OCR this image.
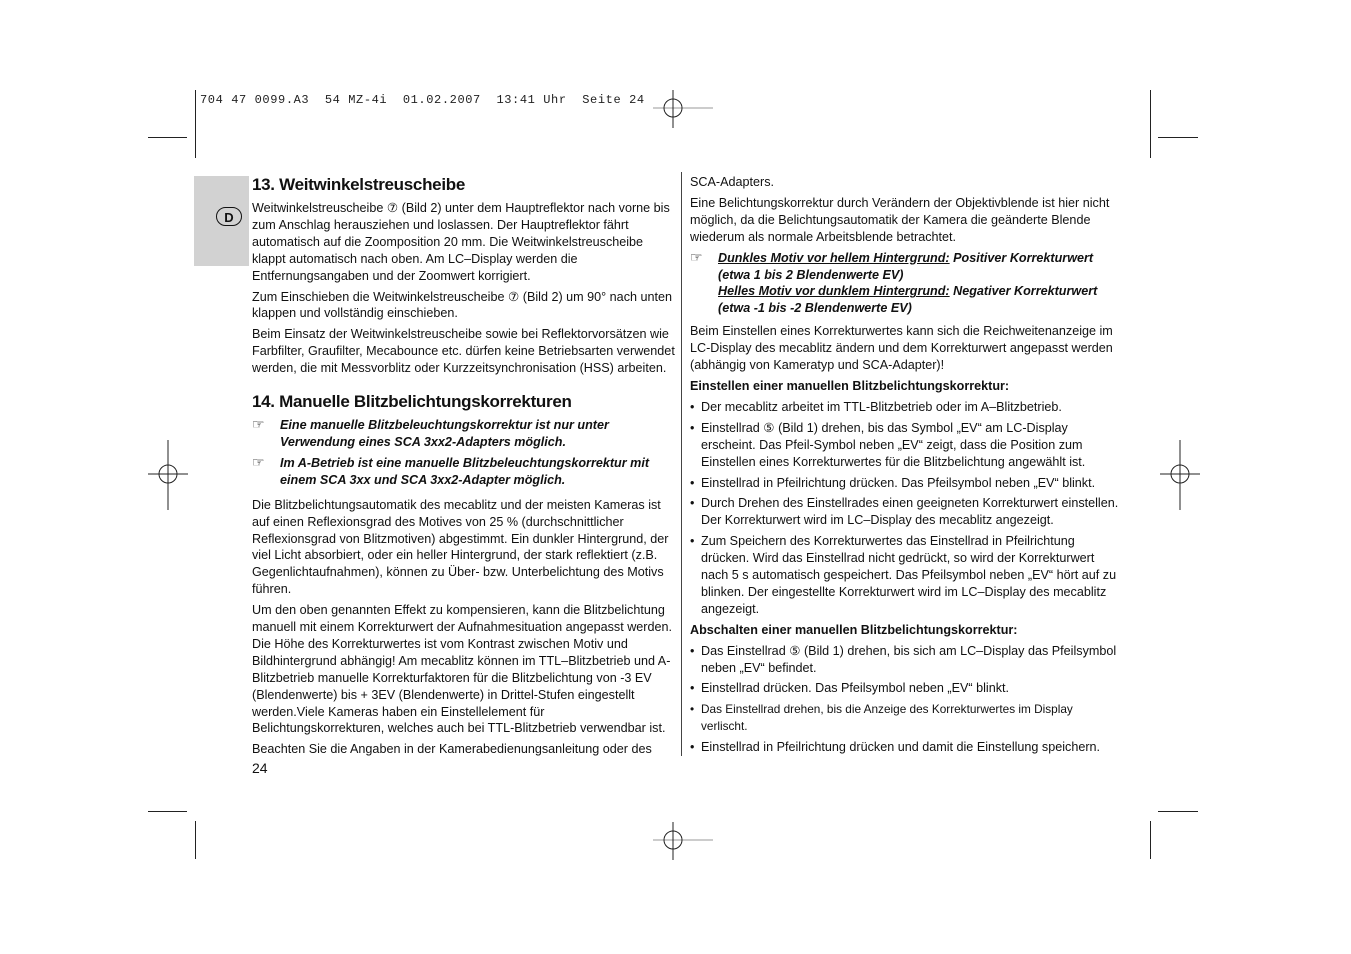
704 47 0099.A3  54 MZ-4i  01.02.2007  13:41 Uhr  Seite 24
D
13. Weitwinkelstreuscheibe

Weitwinkelstreuscheibe ⑦ (Bild 2) unter dem Hauptreflektor nach vorne bis zum Anschlag herausziehen und loslassen. Der Hauptreflektor fährt automatisch auf die Zoomposition 20 mm. Die Weitwinkelstreuscheibe klappt automatisch nach oben. Am LC–Display werden die Entfernungsangaben und der Zoomwert korrigiert.

Zum Einschieben die Weitwinkelstreuscheibe ⑦ (Bild 2) um 90° nach unten klappen und vollständig einschieben.

Beim Einsatz der Weitwinkelstreuscheibe sowie bei Reflektorvorsätzen wie Farbfilter, Graufilter, Mecabounce etc. dürfen keine Betriebsarten verwendet werden, die mit Messvorblitz oder Kurzzeitsynchronisation (HSS) arbeiten.

14. Manuelle Blitzbelichtungskorrekturen
☞ Eine manuelle Blitzbeleuchtungskorrektur ist nur unter Verwendung eines SCA 3xx2-Adapters möglich.
☞ Im A-Betrieb ist eine manuelle Blitzbeleuchtungskorrektur mit einem SCA 3xx und SCA 3xx2-Adapter möglich.

Die Blitzbelichtungsautomatik des mecablitz und der meisten Kameras ist auf einen Reflexionsgrad des Motives von 25 % (durchschnittlicher Reflexionsgrad von Blitzmotiven) abgestimmt. Ein dunkler Hintergrund, der viel Licht absorbiert, oder ein heller Hintergrund, der stark reflektiert (z.B. Gegenlichtaufnahmen), können zu Über- bzw. Unterbelichtung des Motivs führen.

Um den oben genannten Effekt zu kompensieren, kann die Blitzbelichtung manuell mit einem Korrekturwert der Aufnahmesituation angepasst werden. Die Höhe des Korrekturwertes ist vom Kontrast zwischen Motiv und Bildhintergrund abhängig! Am mecablitz können im TTL–Blitzbetrieb und A-Blitzbetrieb manuelle Korrekturfaktoren für die Blitzbelichtung von -3 EV (Blendenwerte) bis + 3EV (Blendenwerte) in Drittel-Stufen eingestellt werden.Viele Kameras haben ein Einstellelement für Belichtungskorrekturen, welches auch bei TTL-Blitzbetrieb verwendbar ist.

Beachten Sie die Angaben in der Kamerabedienungsanleitung oder des

SCA-Adapters.

Eine Belichtungskorrektur durch Verändern der Objektivblende ist hier nicht möglich, da die Belichtungsautomatik der Kamera die geänderte Blende wiederum als normale Arbeitsblende betrachtet.

☞ Dunkles Motiv vor hellem Hintergrund: Positiver Korrekturwert (etwa 1 bis 2 Blendenwerte EV)
Helles Motiv vor dunklem Hintergrund: Negativer Korrekturwert (etwa -1 bis -2 Blendenwerte EV)

Beim Einstellen eines Korrekturwertes kann sich die Reichweitenanzeige im LC-Display des mecablitz ändern und dem Korrekturwert angepasst werden (abhängig von Kameratyp und SCA-Adapter)!

Einstellen einer manuellen Blitzbelichtungskorrektur:
• Der mecablitz arbeitet im TTL-Blitzbetrieb oder im A–Blitzbetrieb.
• Einstellrad ⑤ (Bild 1) drehen, bis das Symbol „EV“ am LC-Display erscheint. Das Pfeil-Symbol neben „EV“ zeigt, dass die Position zum Einstellen eines Korrekturwertes für die Blitzbelichtung angewählt ist.
• Einstellrad in Pfeilrichtung drücken. Das Pfeilsymbol neben „EV“ blinkt.
• Durch Drehen des Einstellrades einen geeigneten Korrekturwert einstellen. Der Korrekturwert wird im LC–Display des mecablitz angezeigt.
• Zum Speichern des Korrekturwertes das Einstellrad in Pfeilrichtung drücken. Wird das Einstellrad nicht gedrückt, so wird der Korrekturwert nach 5 s automatisch gespeichert. Das Pfeilsymbol neben „EV“ hört auf zu blinken. Der eingestellte Korrekturwert wird im LC–Display des mecablitz angezeigt.
Abschalten einer manuellen Blitzbelichtungskorrektur:
• Das Einstellrad ⑤ (Bild 1) drehen, bis sich am LC–Display das Pfeilsymbol neben „EV“ befindet.
• Einstellrad drücken. Das Pfeilsymbol neben „EV“ blinkt.
• Das Einstellrad drehen, bis die Anzeige des Korrekturwertes im Display verlischt.
• Einstellrad in Pfeilrichtung drücken und damit die Einstellung speichern.
24
